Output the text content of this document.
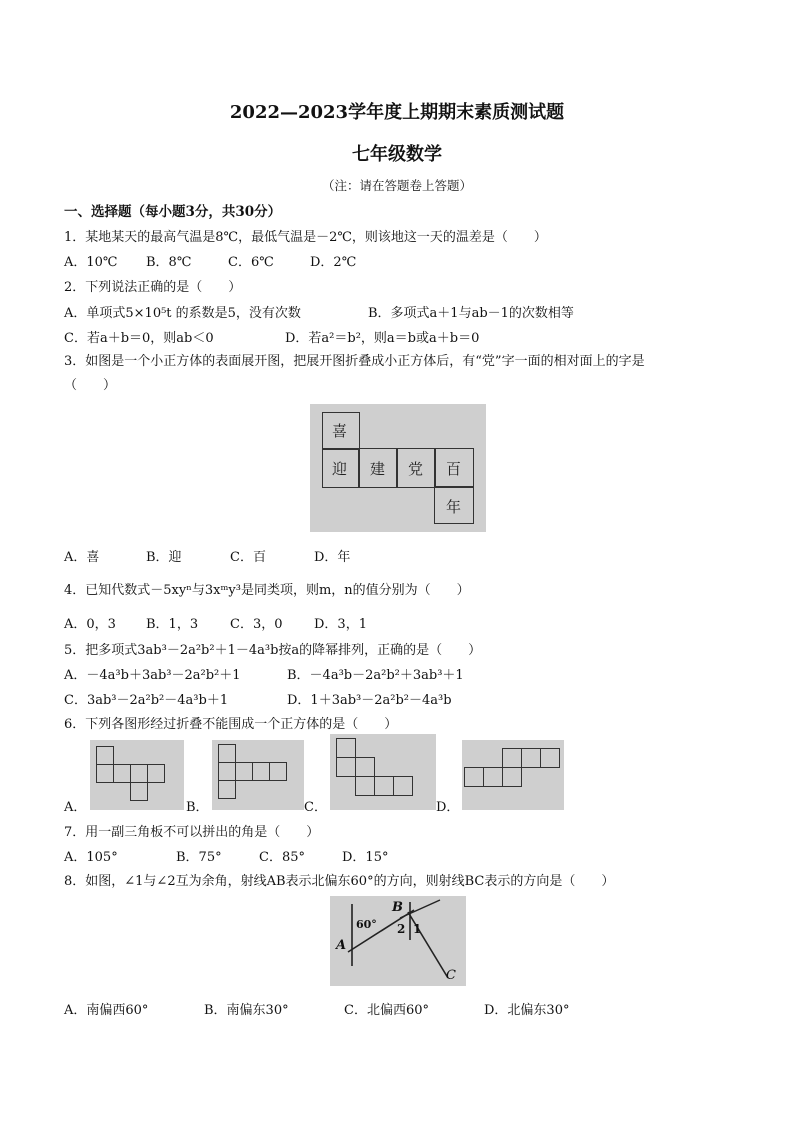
2022—2023学年度上期期末素质测试题
七年级数学
（注：请在答题卷上答题）
一、选择题（每小题3分，共30分）
1．某地某天的最高气温是8℃，最低气温是－2℃，则该地这一天的温差是（　　）
A．10℃ B．8℃	C．6℃	D．2℃
2．下列说法正确的是（　　）
A．单项式5×10⁵t 的系数是5，没有次数	B．多项式a＋1与ab－1的次数相等
C．若a＋b＝0，则ab＜0	D．若a²＝b²，则a＝b或a＋b＝0
3．如图是一个小正方体的表面展开图，把展开图折叠成小正方体后，有“党”字一面的相对面上的字是
（　　）
喜
迎 建 党 百
年
A．喜	B．迎	C．百	D．年
4．已知代数式－5xyⁿ与3xᵐy³是同类项，则m，n的值分别为（　　）
A．0，3 B．1，3 C．3，0 D．3，1
5．把多项式3ab³－2a²b²＋1－4a³b按a的降幂排列，正确的是（　　）
A．－4a³b＋3ab³－2a²b²＋1	B．－4a³b－2a²b²＋3ab³＋1
C．3ab³－2a²b²－4a³b＋1	D．1＋3ab³－2a²b²－4a³b
6．下列各图形经过折叠不能围成一个正方体的是（　　）
A．	B．	C．	D．
7．用一副三角板不可以拼出的角是（　　）
A．105°	B．75°	C．85°	D．15°
8．如图，∠1与∠2互为余角，射线AB表示北偏东60°的方向，则射线BC表示的方向是（　　）
60°
A
B
C
1
2
A．南偏西60°	B．南偏东30°	C．北偏西60°	D．北偏东30°
